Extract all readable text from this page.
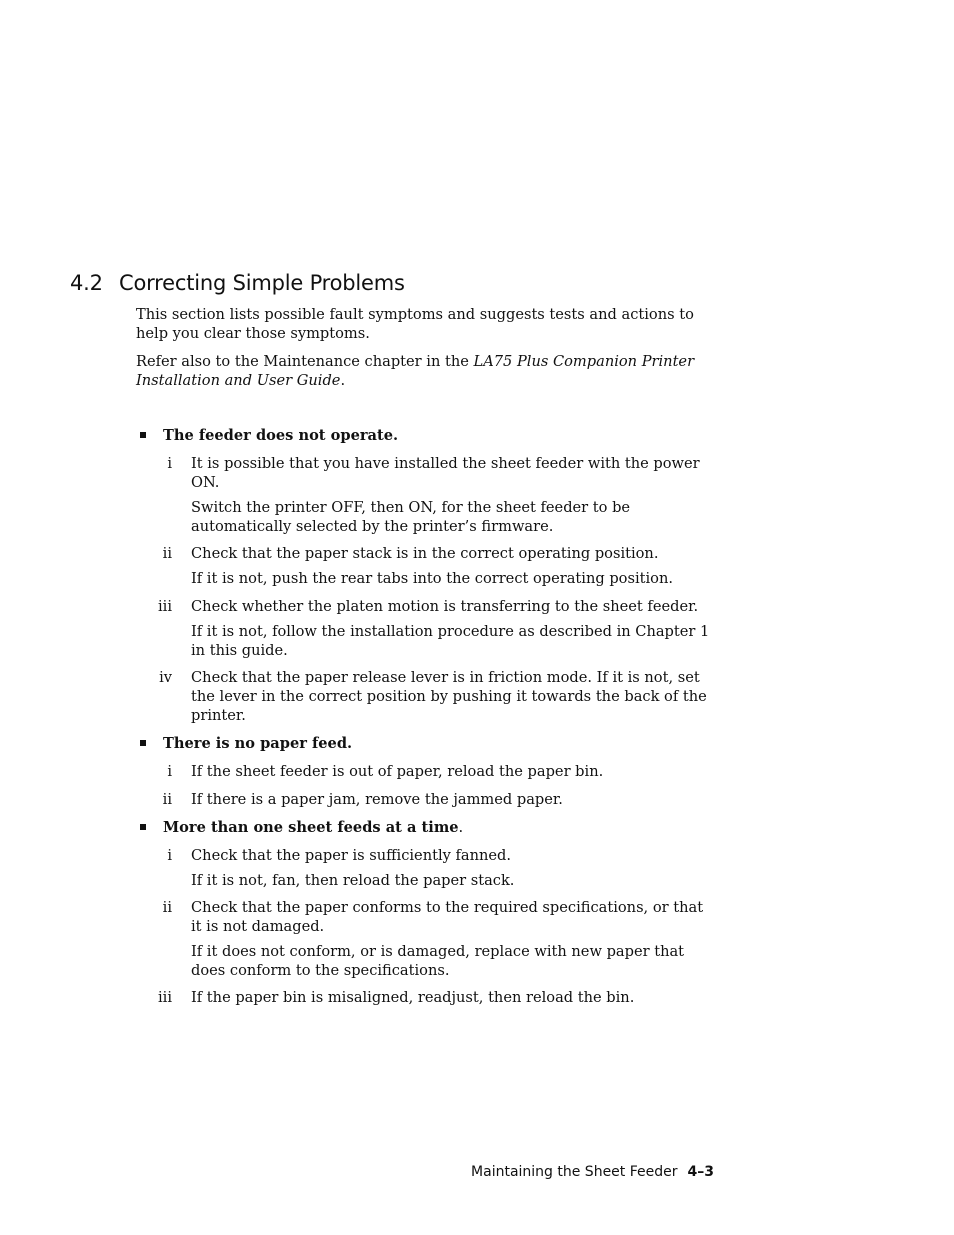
4.2 Correcting Simple Problems

This section lists possible fault symptoms and suggests tests and actions to help you clear those symptoms.

Refer also to the Maintenance chapter in the LA75 Plus Companion Printer Installation and User Guide.

The feeder does not operate.

i It is possible that you have installed the sheet feeder with the power ON.

Switch the printer OFF, then ON, for the sheet feeder to be automatically selected by the printer’s firmware.

ii Check that the paper stack is in the correct operating position.

If it is not, push the rear tabs into the correct operating position.

iii Check whether the platen motion is transferring to the sheet feeder.

If it is not, follow the installation procedure as described in Chapter 1 in this guide.

iv Check that the paper release lever is in friction mode. If it is not, set the lever in the correct position by pushing it towards the back of the printer.

There is no paper feed.

i If the sheet feeder is out of paper, reload the paper bin.
ii If there is a paper jam, remove the jammed paper.

More than one sheet feeds at a time.

i Check that the paper is sufficiently fanned.

If it is not, fan, then reload the paper stack.

ii Check that the paper conforms to the required specifications, or that it is not damaged.

If it does not conform, or is damaged, replace with new paper that does conform to the specifications.

iii If the paper bin is misaligned, readjust, then reload the bin.

Maintaining the Sheet Feeder 4–3
